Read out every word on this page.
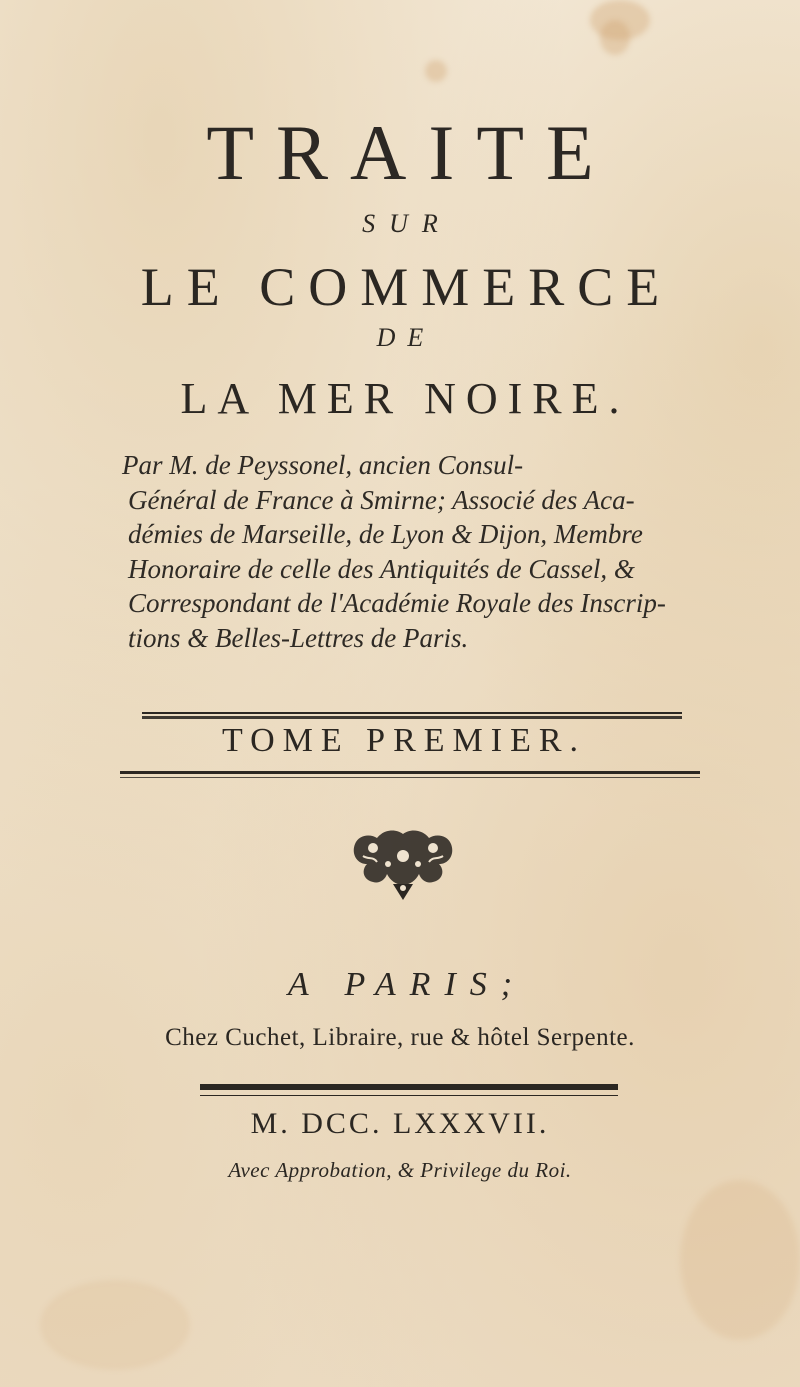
TRAITE
SUR
LE COMMERCE
DE
LA MER NOIRE.
Par M. de Peyssonel, ancien Consul-
Général de France à Smirne; Associé des Aca-
démies de Marseille, de Lyon & Dijon, Membre
Honoraire de celle des Antiquités de Cassel, &
Correspondant de l'Académie Royale des Inscrip-
tions & Belles-Lettres de Paris.
TOME PREMIER.
A PARIS;
Chez Cuchet, Libraire, rue & hôtel Serpente.
M. DCC. LXXXVII.
Avec Approbation, & Privilege du Roi.
